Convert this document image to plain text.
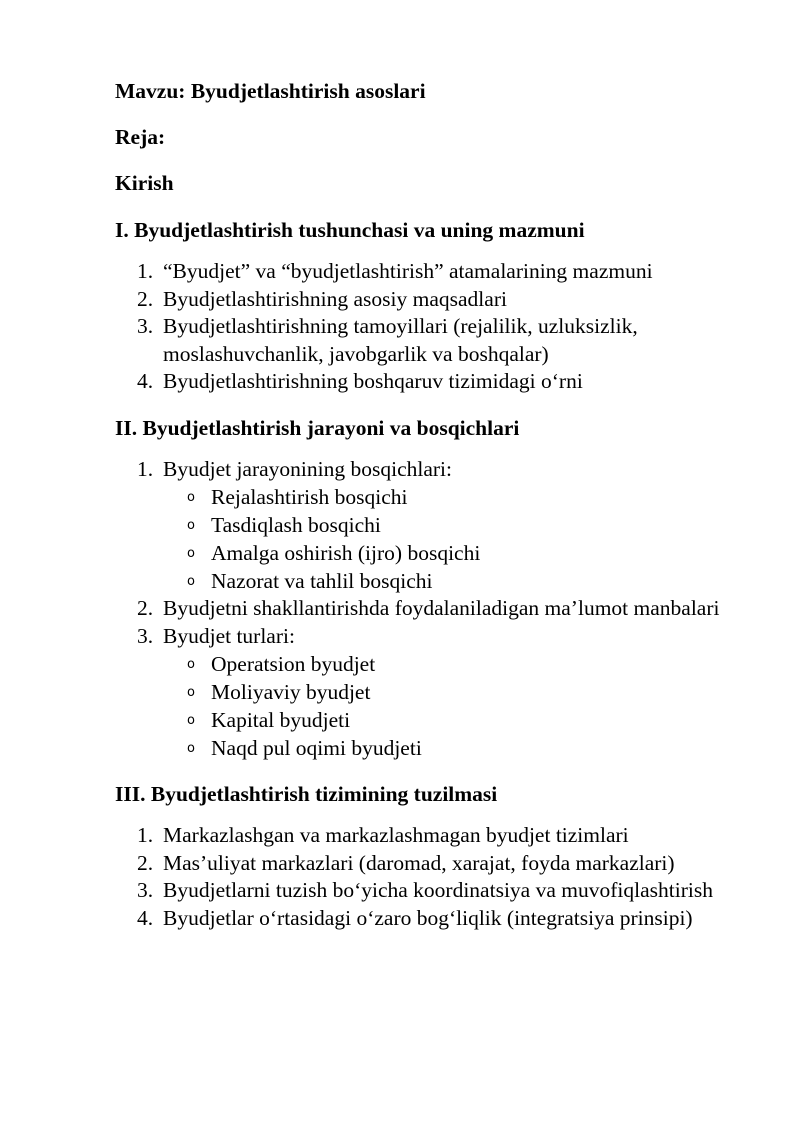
Mavzu: Byudjetlashtirish asoslari

Reja:

Kirish

I. Byudjetlashtirish tushunchasi va uning mazmuni

1. “Byudjet” va “byudjetlashtirish” atamalarining mazmuni
2. Byudjetlashtirishning asosiy maqsadlari
3. Byudjetlashtirishning tamoyillari (rejalilik, uzluksizlik, moslashuvchanlik, javobgarlik va boshqalar)
4. Byudjetlashtirishning boshqaruv tizimidagi oʻrni

II. Byudjetlashtirish jarayoni va bosqichlari

1. Byudjet jarayonining bosqichlari:
o Rejalashtirish bosqichi
o Tasdiqlash bosqichi
o Amalga oshirish (ijro) bosqichi
o Nazorat va tahlil bosqichi
2. Byudjetni shakllantirishda foydalaniladigan ma’lumot manbalari
3. Byudjet turlari:
o Operatsion byudjet
o Moliyaviy byudjet
o Kapital byudjeti
o Naqd pul oqimi byudjeti

III. Byudjetlashtirish tizimining tuzilmasi

1. Markazlashgan va markazlashmagan byudjet tizimlari
2. Mas’uliyat markazlari (daromad, xarajat, foyda markazlari)
3. Byudjetlarni tuzish boʻyicha koordinatsiya va muvofiqlashtirish
4. Byudjetlar oʻrtasidagi oʻzaro bogʻliqlik (integratsiya prinsipi)
